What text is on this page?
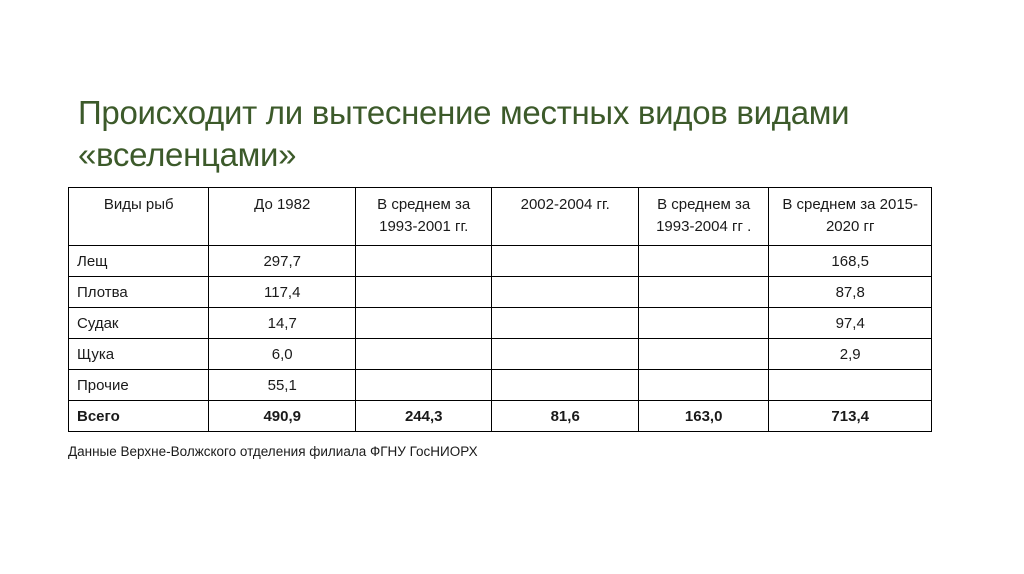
Происходит ли вытеснение местных видов видами «вселенцами»
Виды рыб	До 1982	В среднем за 1993-2001 гг.	2002-2004 гг.	В среднем за 1993-2004 гг .	В среднем за 2015-2020 гг
Лещ	297,7				168,5
Плотва	117,4				87,8
Судак	14,7				97,4
Щука	6,0				2,9
Прочие	55,1				
Всего	490,9	244,3	81,6	163,0	713,4

Данные Верхне-Волжского отделения филиала ФГНУ ГосНИОРХ
